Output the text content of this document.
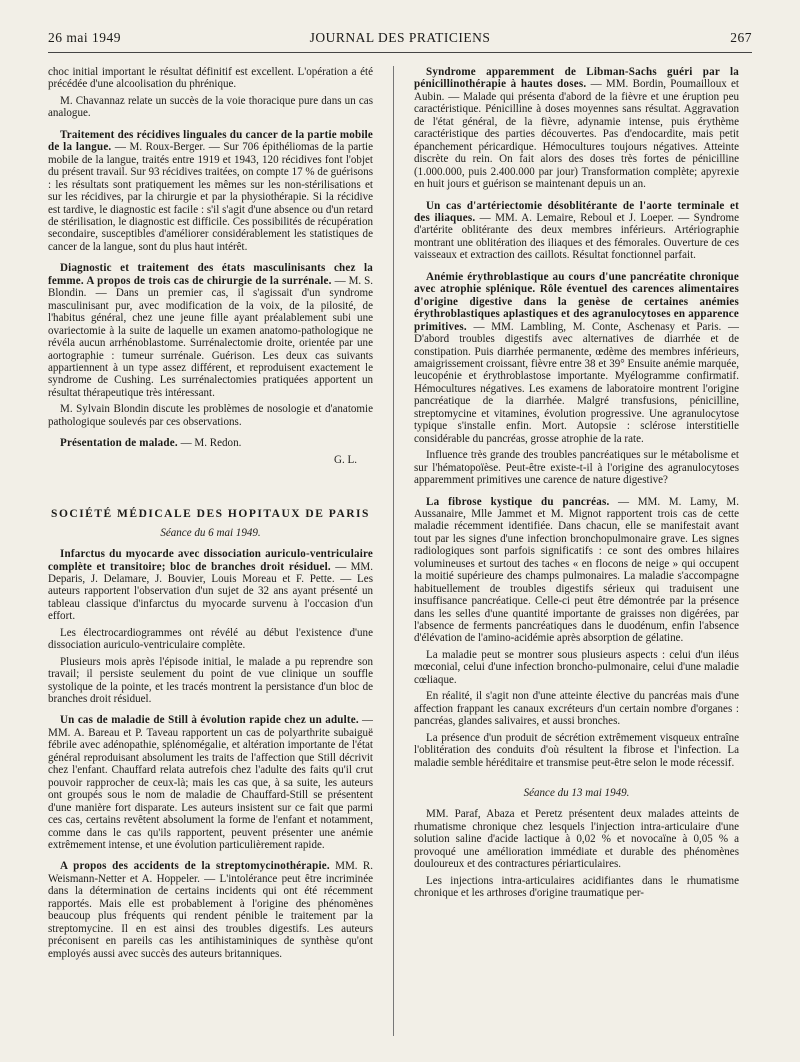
26 mai 1949	JOURNAL DES PRATICIENS	267

choc initial important le résultat définitif est excellent. L'opération a été précédée d'une alcoolisation du phrénique.

M. Chavannaz relate un succès de la voie thoracique pure dans un cas analogue.

Traitement des récidives linguales du cancer de la partie mobile de la langue. — M. Roux-Berger. — Sur 706 épithéliomas de la partie mobile de la langue, traités entre 1919 et 1943, 120 récidives font l'objet du présent travail. Sur 93 récidives traitées, on compte 17 % de guérisons : les résultats sont pratiquement les mêmes sur les non-stérilisations et sur les récidives, par la chirurgie et par la physiothérapie. Si la récidive est tardive, le diagnostic est facile : s'il s'agit d'une absence ou d'un retard de stérilisation, le diagnostic est difficile. Ces possibilités de récupération secondaire, susceptibles d'améliorer considérablement les statistiques de cancer de la langue, sont du plus haut intérêt.

Diagnostic et traitement des états masculinisants chez la femme. A propos de trois cas de chirurgie de la surrénale. — M. S. Blondin. — Dans un premier cas, il s'agissait d'un syndrome masculinisant pur, avec modification de la voix, de la pilosité, de l'habitus général, chez une jeune fille ayant préalablement subi une ovariectomie à la suite de laquelle un examen anatomo-pathologique ne révéla aucun arrhénoblastome. Surrénalectomie droite, orientée par une aortographie : tumeur surrénale. Guérison. Les deux cas suivants appartiennent à un type assez différent, et reproduisent exactement le syndrome de Cushing. Les surrénalectomies pratiquées apportent un résultat thérapeutique très intéressant.

M. Sylvain Blondin discute les problèmes de nosologie et d'anatomie pathologique soulevés par ces observations.

Présentation de malade. — M. Redon.

G. L.
SOCIÉTÉ MÉDICALE DES HOPITAUX DE PARIS
Séance du 6 mai 1949.

Infarctus du myocarde avec dissociation auriculo-ventriculaire complète et transitoire; bloc de branches droit résiduel. — MM. Deparis, J. Delamare, J. Bouvier, Louis Moreau et F. Pette. — Les auteurs rapportent l'observation d'un sujet de 32 ans ayant présenté un tableau classique d'infarctus du myocarde survenu à l'occasion d'un effort.

Les électrocardiogrammes ont révélé au début l'existence d'une dissociation auriculo-ventriculaire complète.

Plusieurs mois après l'épisode initial, le malade a pu reprendre son travail; il persiste seulement du point de vue clinique un souffle systolique de la pointe, et les tracés montrent la persistance d'un bloc de branches droit résiduel.

Un cas de maladie de Still à évolution rapide chez un adulte. — MM. A. Bareau et P. Taveau rapportent un cas de polyarthrite subaiguë fébrile avec adénopathie, splénomégalie, et altération importante de l'état général reproduisant absolument les traits de l'affection que Still décrivit chez l'enfant. Chauffard relata autrefois chez l'adulte des faits qu'il crut pouvoir rapprocher de ceux-là; mais les cas que, à sa suite, les auteurs ont groupés sous le nom de maladie de Chauffard-Still se présentent d'une manière fort disparate. Les auteurs insistent sur ce fait que parmi ces cas, certains revêtent absolument la forme de l'enfant et notamment, comme dans le cas qu'ils rapportent, peuvent présenter une anémie extrêmement intense, et une évolution particulièrement rapide.

A propos des accidents de la streptomycinothérapie. MM. R. Weismann-Netter et A. Hoppeler. — L'intolérance peut être incriminée dans la détermination de certains incidents qui ont été récemment rapportés. Mais elle est probablement à l'origine des phénomènes beaucoup plus fréquents qui rendent pénible le traitement par la streptomycine. Il en est ainsi des troubles digestifs. Les auteurs préconisent en pareils cas les antihistaminiques de synthèse qu'ont employés aussi avec succès des auteurs britanniques.

Syndrome apparemment de Libman-Sachs guéri par la pénicillinothérapie à hautes doses. — MM. Bordin, Poumailloux et Aubin. — Malade qui présenta d'abord de la fièvre et une éruption peu caractéristique. Pénicilline à doses moyennes sans résultat. Aggravation de l'état général, de la fièvre, adynamie intense, puis érythème caractéristique des parties découvertes. Pas d'endocardite, mais petit épanchement péricardique. Hémocultures toujours négatives. Atteinte discrète du rein. On fait alors des doses très fortes de pénicilline (1.000.000, puis 2.400.000 par jour) Transformation complète; apyrexie en huit jours et guérison se maintenant depuis un an.

Un cas d'artériectomie désoblitérante de l'aorte terminale et des iliaques. — MM. A. Lemaire, Reboul et J. Loeper. — Syndrome d'artérite oblitérante des deux membres inférieurs. Artériographie montrant une oblitération des iliaques et des fémorales. Ouverture de ces vaisseaux et extraction des caillots. Résultat fonctionnel parfait.

Anémie érythroblastique au cours d'une pancréatite chronique avec atrophie splénique. Rôle éventuel des carences alimentaires d'origine digestive dans la genèse de certaines anémies érythroblastiques aplastiques et des agranulocytoses en apparence primitives. — MM. Lambling, M. Conte, Aschenasy et Paris. — D'abord troubles digestifs avec alternatives de diarrhée et de constipation. Puis diarrhée permanente, œdème des membres inférieurs, amaigrissement croissant, fièvre entre 38 et 39° Ensuite anémie marquée, leucopénie et érythroblastose importante. Myélogramme confirmatif. Hémocultures négatives. Les examens de laboratoire montrent l'origine pancréatique de la diarrhée. Malgré transfusions, pénicilline, streptomycine et vitamines, évolution progressive. Une agranulocytose typique s'installe enfin. Mort. Autopsie : sclérose interstitielle considérable du pancréas, grosse atrophie de la rate.

Influence très grande des troubles pancréatiques sur le métabolisme et sur l'hématopoïèse. Peut-être existe-t-il à l'origine des agranulocytoses apparemment primitives une carence de nature digestive?

La fibrose kystique du pancréas. — MM. M. Lamy, M. Aussanaire, Mlle Jammet et M. Mignot rapportent trois cas de cette maladie récemment identifiée. Dans chacun, elle se manifestait avant tout par les signes d'une infection bronchopulmonaire grave. Les signes radiologiques sont parfois significatifs : ce sont des ombres hilaires volumineuses et surtout des taches « en flocons de neige » qui occupent la moitié supérieure des champs pulmonaires. La maladie s'accompagne habituellement de troubles digestifs sérieux qui traduisent une insuffisance pancréatique. Celle-ci peut être démontrée par la présence dans les selles d'une quantité importante de graisses non digérées, par l'absence de ferments pancréatiques dans le duodénum, enfin l'absence d'élévation de l'amino-acidémie après absorption de gélatine.

La maladie peut se montrer sous plusieurs aspects : celui d'un iléus mœconial, celui d'une infection broncho-pulmonaire, celui d'une maladie cœliaque.

En réalité, il s'agit non d'une atteinte élective du pancréas mais d'une affection frappant les canaux excréteurs d'un certain nombre d'organes : pancréas, glandes salivaires, et aussi bronches.

La présence d'un produit de sécrétion extrêmement visqueux entraîne l'oblitération des conduits d'où résultent la fibrose et l'infection. La maladie semble héréditaire et transmise peut-être selon le mode récessif.

Séance du 13 mai 1949.

MM. Paraf, Abaza et Peretz présentent deux malades atteints de rhumatisme chronique chez lesquels l'injection intra-articulaire d'une solution saline d'acide lactique à 0,02 % et novocaïne à 0,05 % a provoqué une amélioration immédiate et durable des phénomènes douloureux et des contractures périarticulaires.

Les injections intra-articulaires acidifiantes dans le rhumatisme chronique et les arthroses d'origine traumatique per-
